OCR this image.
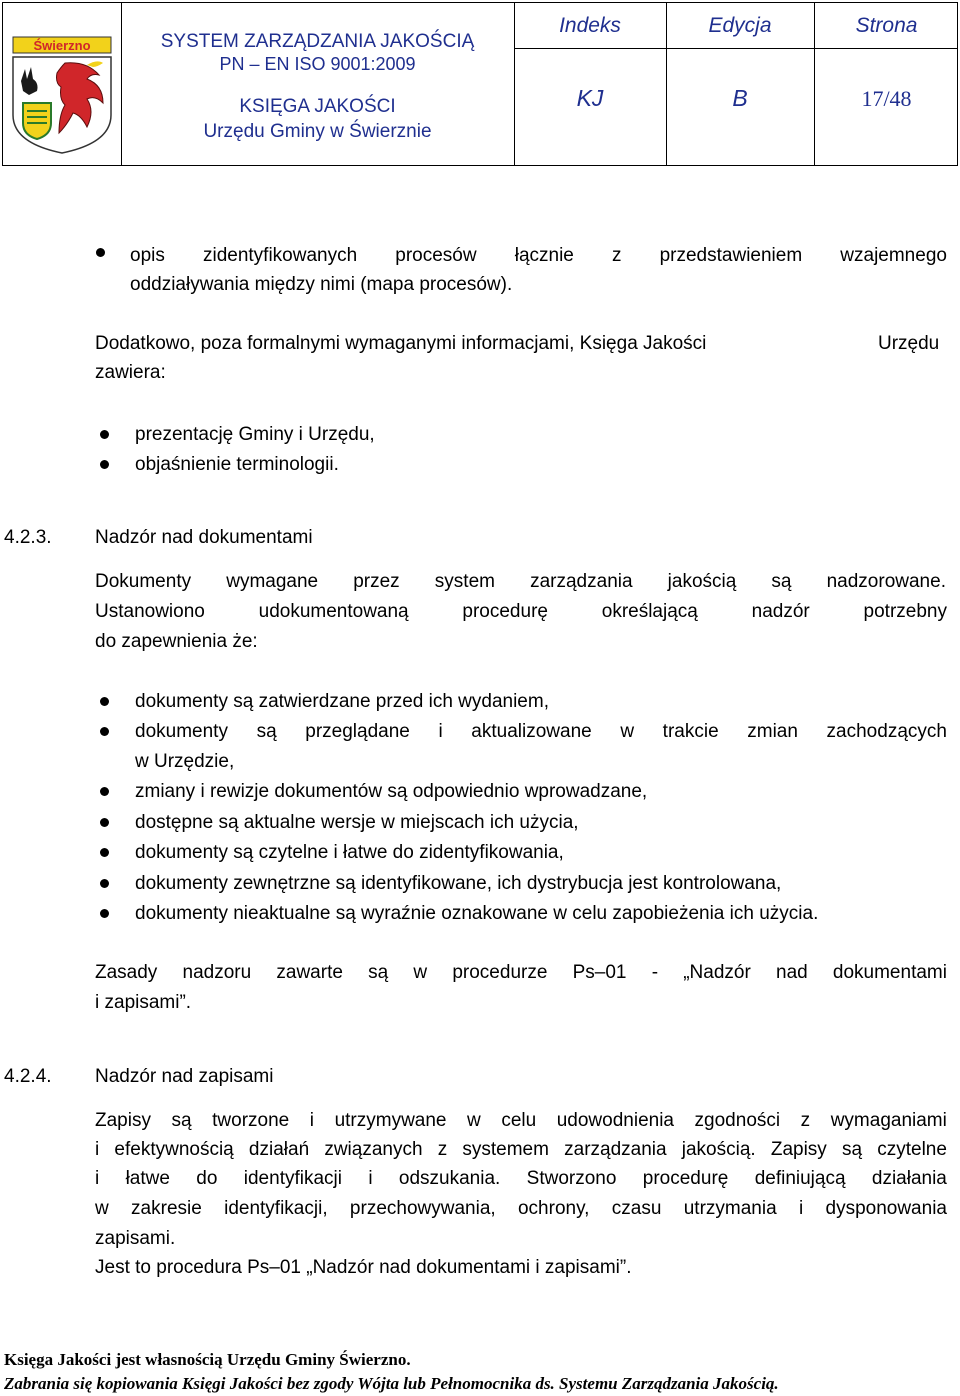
Świerzno	SYSTEM ZARZĄDZANIA JAKOŚCIĄ
PN – EN ISO 9001:2009
KSIĘGA JAKOŚCI
Urzędu Gminy w Świerznie
Indeks	Edycja	Strona
KJ	B	17/48
opis zidentyfikowanych procesów łącznie z przedstawieniem wzajemnego
oddziaływania między nimi (mapa procesów).
Dodatkowo, poza formalnymi wymaganymi informacjami, Księga Jakości	Urzędu
zawiera:
prezentację Gminy i Urzędu,
objaśnienie terminologii.
4.2.3. Nadzór nad dokumentami
Dokumenty wymagane przez system zarządzania jakością są nadzorowane.
Ustanowiono	udokumentowaną	procedurę	określającą	nadzór	potrzebny
do zapewnienia że:
dokumenty są zatwierdzane przed ich wydaniem,
dokumenty są przeglądane i aktualizowane w trakcie zmian zachodzących
w Urzędzie,
zmiany i rewizje dokumentów są odpowiednio wprowadzane,
dostępne są aktualne wersje w miejscach ich użycia,
dokumenty są czytelne i łatwe do zidentyfikowania,
dokumenty zewnętrzne są identyfikowane, ich dystrybucja jest kontrolowana,
dokumenty nieaktualne są wyraźnie oznakowane w celu zapobieżenia ich użycia.
Zasady nadzoru zawarte są w procedurze Ps–01 - „Nadzór nad dokumentami
i zapisami”.
4.2.4. Nadzór nad zapisami
Zapisy są tworzone i utrzymywane w celu udowodnienia zgodności z wymaganiami
i efektywnością działań związanych z systemem zarządzania jakością. Zapisy są czytelne
i łatwe do identyfikacji i odszukania. Stworzono procedurę definiującą działania
w zakresie identyfikacji, przechowywania, ochrony, czasu utrzymania i dysponowania
zapisami.
Jest to procedura Ps–01 „Nadzór nad dokumentami i zapisami”.
Księga Jakości jest własnością Urzędu Gminy Świerzno.
Zabrania się kopiowania Księgi Jakości bez zgody Wójta lub Pełnomocnika ds. Systemu Zarządzania Jakością.
